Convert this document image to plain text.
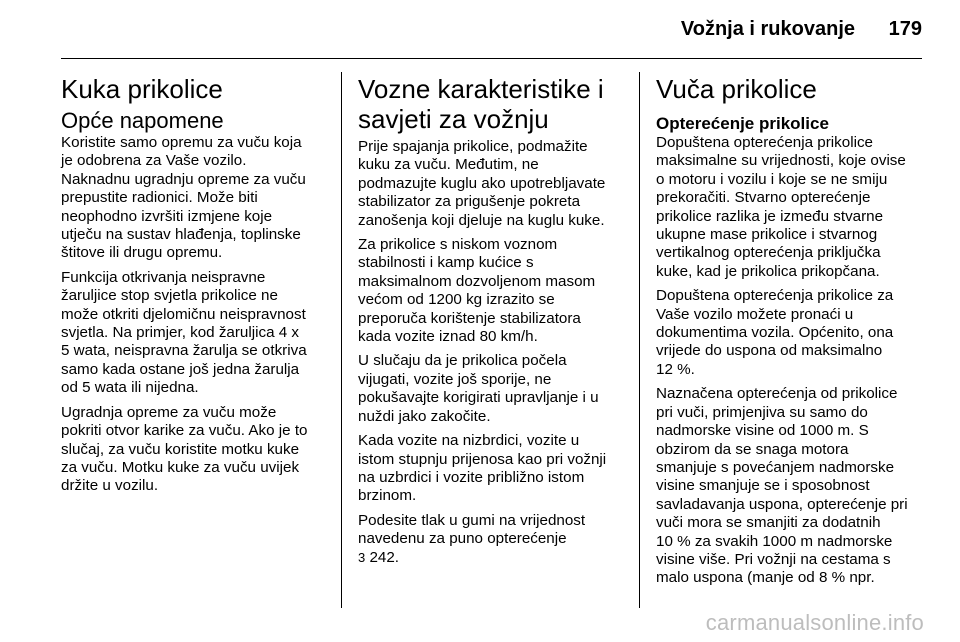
Vožnja i rukovanje 179
Kuka prikolice
Opće napomene

Koristite samo opremu za vuču koja
je odobrena za Vaše vozilo.
Naknadnu ugradnju opreme za vuču
prepustite radionici. Može biti
neophodno izvršiti izmjene koje
utječu na sustav hlađenja, toplinske
štitove ili drugu opremu.

Funkcija otkrivanja neispravne
žaruljice stop svjetla prikolice ne
može otkriti djelomičnu neispravnost
svjetla. Na primjer, kod žaruljica 4 x
5 wata, neispravna žarulja se otkriva
samo kada ostane još jedna žarulja
od 5 wata ili nijedna.

Ugradnja opreme za vuču može
pokriti otvor karike za vuču. Ako je to
slučaj, za vuču koristite motku kuke
za vuču. Motku kuke za vuču uvijek
držite u vozilu.

Vozne karakteristike i
savjeti za vožnju

Prije spajanja prikolice, podmažite
kuku za vuču. Međutim, ne
podmazujte kuglu ako upotrebljavate
stabilizator za prigušenje pokreta
zanošenja koji djeluje na kuglu kuke.

Za prikolice s niskom voznom
stabilnosti i kamp kućice s
maksimalnom dozvoljenom masom
većom od 1200 kg izrazito se
preporuča korištenje stabilizatora
kada vozite iznad 80 km/h.

U slučaju da je prikolica počela
vijugati, vozite još sporije, ne
pokušavajte korigirati upravljanje i u
nuždi jako zakočite.

Kada vozite na nizbrdici, vozite u
istom stupnju prijenosa kao pri vožnji
na uzbrdici i vozite približno istom
brzinom.

Podesite tlak u gumi na vrijednost
navedenu za puno opterećenje

3 242.

Vuča prikolice
Opterećenje prikolice

Dopuštena opterećenja prikolice
maksimalne su vrijednosti, koje ovise
o motoru i vozilu i koje se ne smiju
prekoračiti. Stvarno opterećenje
prikolice razlika je između stvarne
ukupne mase prikolice i stvarnog
vertikalnog opterećenja priključka
kuke, kad je prikolica prikopčana.

Dopuštena opterećenja prikolice za
Vaše vozilo možete pronaći u
dokumentima vozila. Općenito, ona
vrijede do uspona od maksimalno
12 %.

Naznačena opterećenja od prikolice
pri vuči, primjenjiva su samo do
nadmorske visine od 1000 m. S
obzirom da se snaga motora
smanjuje s povećanjem nadmorske
visine smanjuje se i sposobnost
savladavanja uspona, opterećenje pri
vuči mora se smanjiti za dodatnih
10 % za svakih 1000 m nadmorske
visine više. Pri vožnji na cestama s
malo uspona (manje od 8 % npr.

carmanualsonline.info
